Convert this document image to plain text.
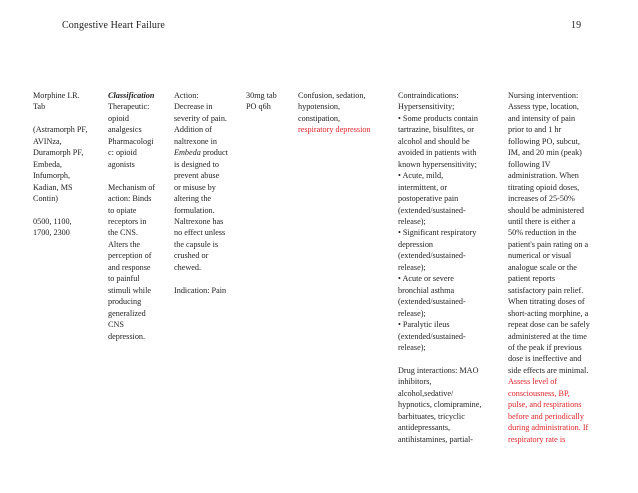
Congestive Heart Failure	19
Morphine I.R.
Tab
(Astramorph PF,
AVINza,
Duramorph PF,
Embeda,
Infumorph,
Kadian, MS
Contin)
0500, 1100,
1700, 2300
Classification
Therapeutic:
opioid
analgesics
Pharmacologi
c: opioid
agonists
Mechanism of
action: Binds
to opiate
receptors in
the CNS.
Alters the
perception of
and response
to painful
stimuli while
producing
generalized
CNS
depression.
Action:
Decrease in
severity of pain.
Addition of
naltrexone in
Embeda product
is designed to
prevent abuse
or misuse by
altering the
formulation.
Naltrexone has
no effect unless
the capsule is
crushed or
chewed.
Indication: Pain
30mg tab
PO q6h
Confusion, sedation,
hypotension,
constipation,
respiratory depression
Contraindications:
Hypersensitivity;
• Some products contain
tartrazine, bisulfites, or
alcohol and should be
avoided in patients with
known hypersensitivity;
• Acute, mild,
intermittent, or
postoperative pain
(extended/sustained-
release);
• Significant respiratory
depression
(extended/sustained-
release);
• Acute or severe
bronchial asthma
(extended/sustained-
release);
• Paralytic ileus
(extended/sustained-
release);
Drug interactions: MAO
inhibitors,
alcohol,sedative/
hypnotics, clomipramine,
barbituates, tricyclic
antidepressants,
antihistamines, partial-
Nursing intervention:
Assess type, location,
and intensity of pain
prior to and 1 hr
following PO, subcut,
IM, and 20 min (peak)
following IV
administration. When
titrating opioid doses,
increases of 25-50%
should be administered
until there is either a
50% reduction in the
patient's pain rating on a
numerical or visual
analogue scale or the
patient reports
satisfactory pain relief.
When titrating doses of
short-acting morphine, a
repeat dose can be safely
administered at the time
of the peak if previous
dose is ineffective and
side effects are minimal.
Assess level of
consciousness, BP,
pulse, and respirations
before and periodically
during administration. If
respiratory rate is
